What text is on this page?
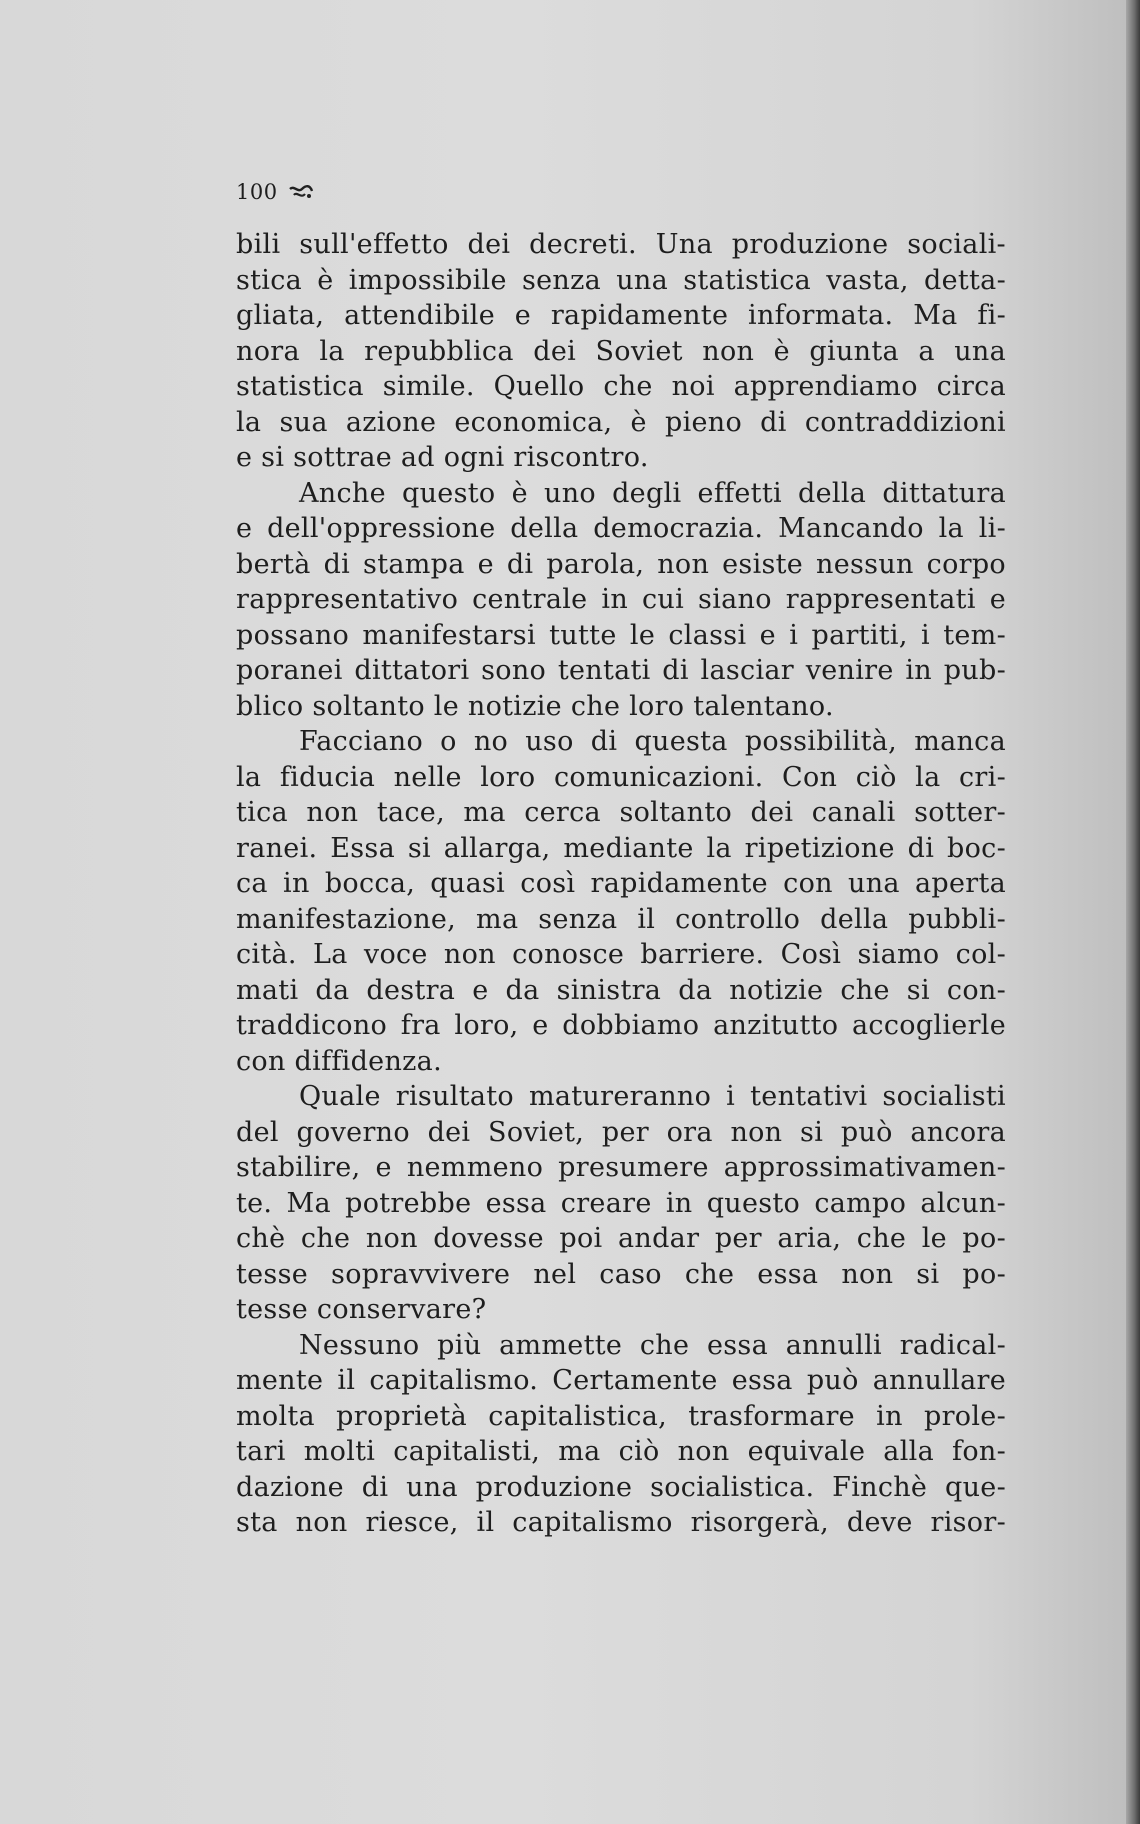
100
bili sull'effetto dei decreti. Una produzione sociali-
stica è impossibile senza una statistica vasta, detta-
gliata, attendibile e rapidamente informata. Ma fi-
nora la repubblica dei Soviet non è giunta a una
statistica simile. Quello che noi apprendiamo circa
la sua azione economica, è pieno di contraddizioni
e si sottrae ad ogni riscontro.
Anche questo è uno degli effetti della dittatura
e dell'oppressione della democrazia. Mancando la li-
bertà di stampa e di parola, non esiste nessun corpo
rappresentativo centrale in cui siano rappresentati e
possano manifestarsi tutte le classi e i partiti, i tem-
poranei dittatori sono tentati di lasciar venire in pub-
blico soltanto le notizie che loro talentano.
Facciano o no uso di questa possibilità, manca
la fiducia nelle loro comunicazioni. Con ciò la cri-
tica non tace, ma cerca soltanto dei canali sotter-
ranei. Essa si allarga, mediante la ripetizione di boc-
ca in bocca, quasi così rapidamente con una aperta
manifestazione, ma senza il controllo della pubbli-
cità. La voce non conosce barriere. Così siamo col-
mati da destra e da sinistra da notizie che si con-
traddicono fra loro, e dobbiamo anzitutto accoglierle
con diffidenza.
Quale risultato matureranno i tentativi socialisti
del governo dei Soviet, per ora non si può ancora
stabilire, e nemmeno presumere approssimativamen-
te. Ma potrebbe essa creare in questo campo alcun-
chè che non dovesse poi andar per aria, che le po-
tesse sopravvivere nel caso che essa non si po-
tesse conservare?
Nessuno più ammette che essa annulli radical-
mente il capitalismo. Certamente essa può annullare
molta proprietà capitalistica, trasformare in prole-
tari molti capitalisti, ma ciò non equivale alla fon-
dazione di una produzione socialistica. Finchè que-
sta non riesce, il capitalismo risorgerà, deve risor-
